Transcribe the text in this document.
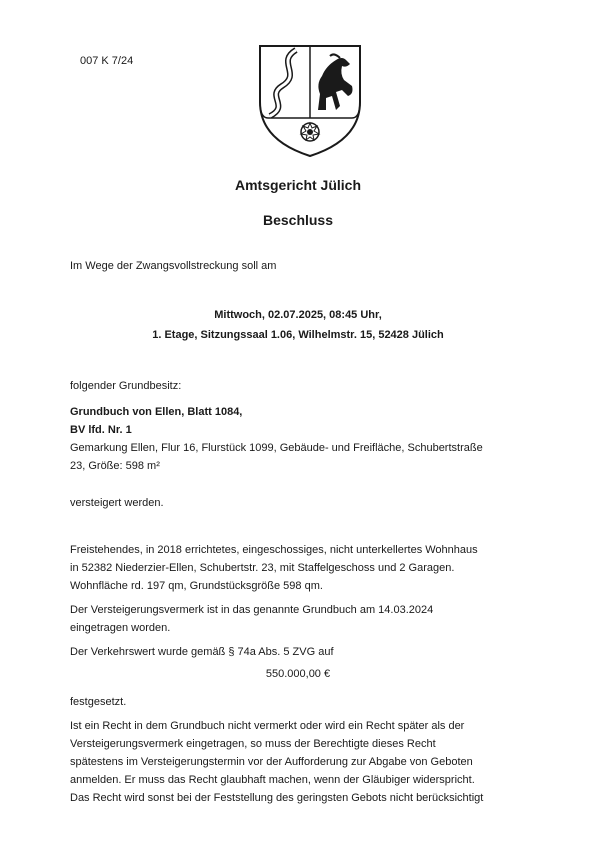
007 K 7/24
Amtsgericht Jülich
Beschluss
Im Wege der Zwangsvollstreckung soll am
Mittwoch, 02.07.2025, 08:45 Uhr,
1. Etage, Sitzungssaal 1.06, Wilhelmstr. 15, 52428 Jülich
folgender Grundbesitz:
Grundbuch von Ellen, Blatt 1084,
BV lfd. Nr. 1
Gemarkung Ellen, Flur 16, Flurstück 1099, Gebäude- und Freifläche, Schubertstraße
23, Größe: 598 m²
versteigert werden.
Freistehendes, in 2018 errichtetes, eingeschossiges, nicht unterkellertes Wohnhaus
in 52382 Niederzier-Ellen, Schubertstr. 23, mit Staffelgeschoss und 2 Garagen.
Wohnfläche rd. 197 qm, Grundstücksgröße 598 qm.
Der Versteigerungsvermerk ist in das genannte Grundbuch am 14.03.2024
eingetragen worden.
Der Verkehrswert wurde gemäß § 74a Abs. 5 ZVG auf
550.000,00 €
festgesetzt.
Ist ein Recht in dem Grundbuch nicht vermerkt oder wird ein Recht später als der
Versteigerungsvermerk eingetragen, so muss der Berechtigte dieses Recht
spätestens im Versteigerungstermin vor der Aufforderung zur Abgabe von Geboten
anmelden. Er muss das Recht glaubhaft machen, wenn der Gläubiger widerspricht.
Das Recht wird sonst bei der Feststellung des geringsten Gebots nicht berücksichtigt
